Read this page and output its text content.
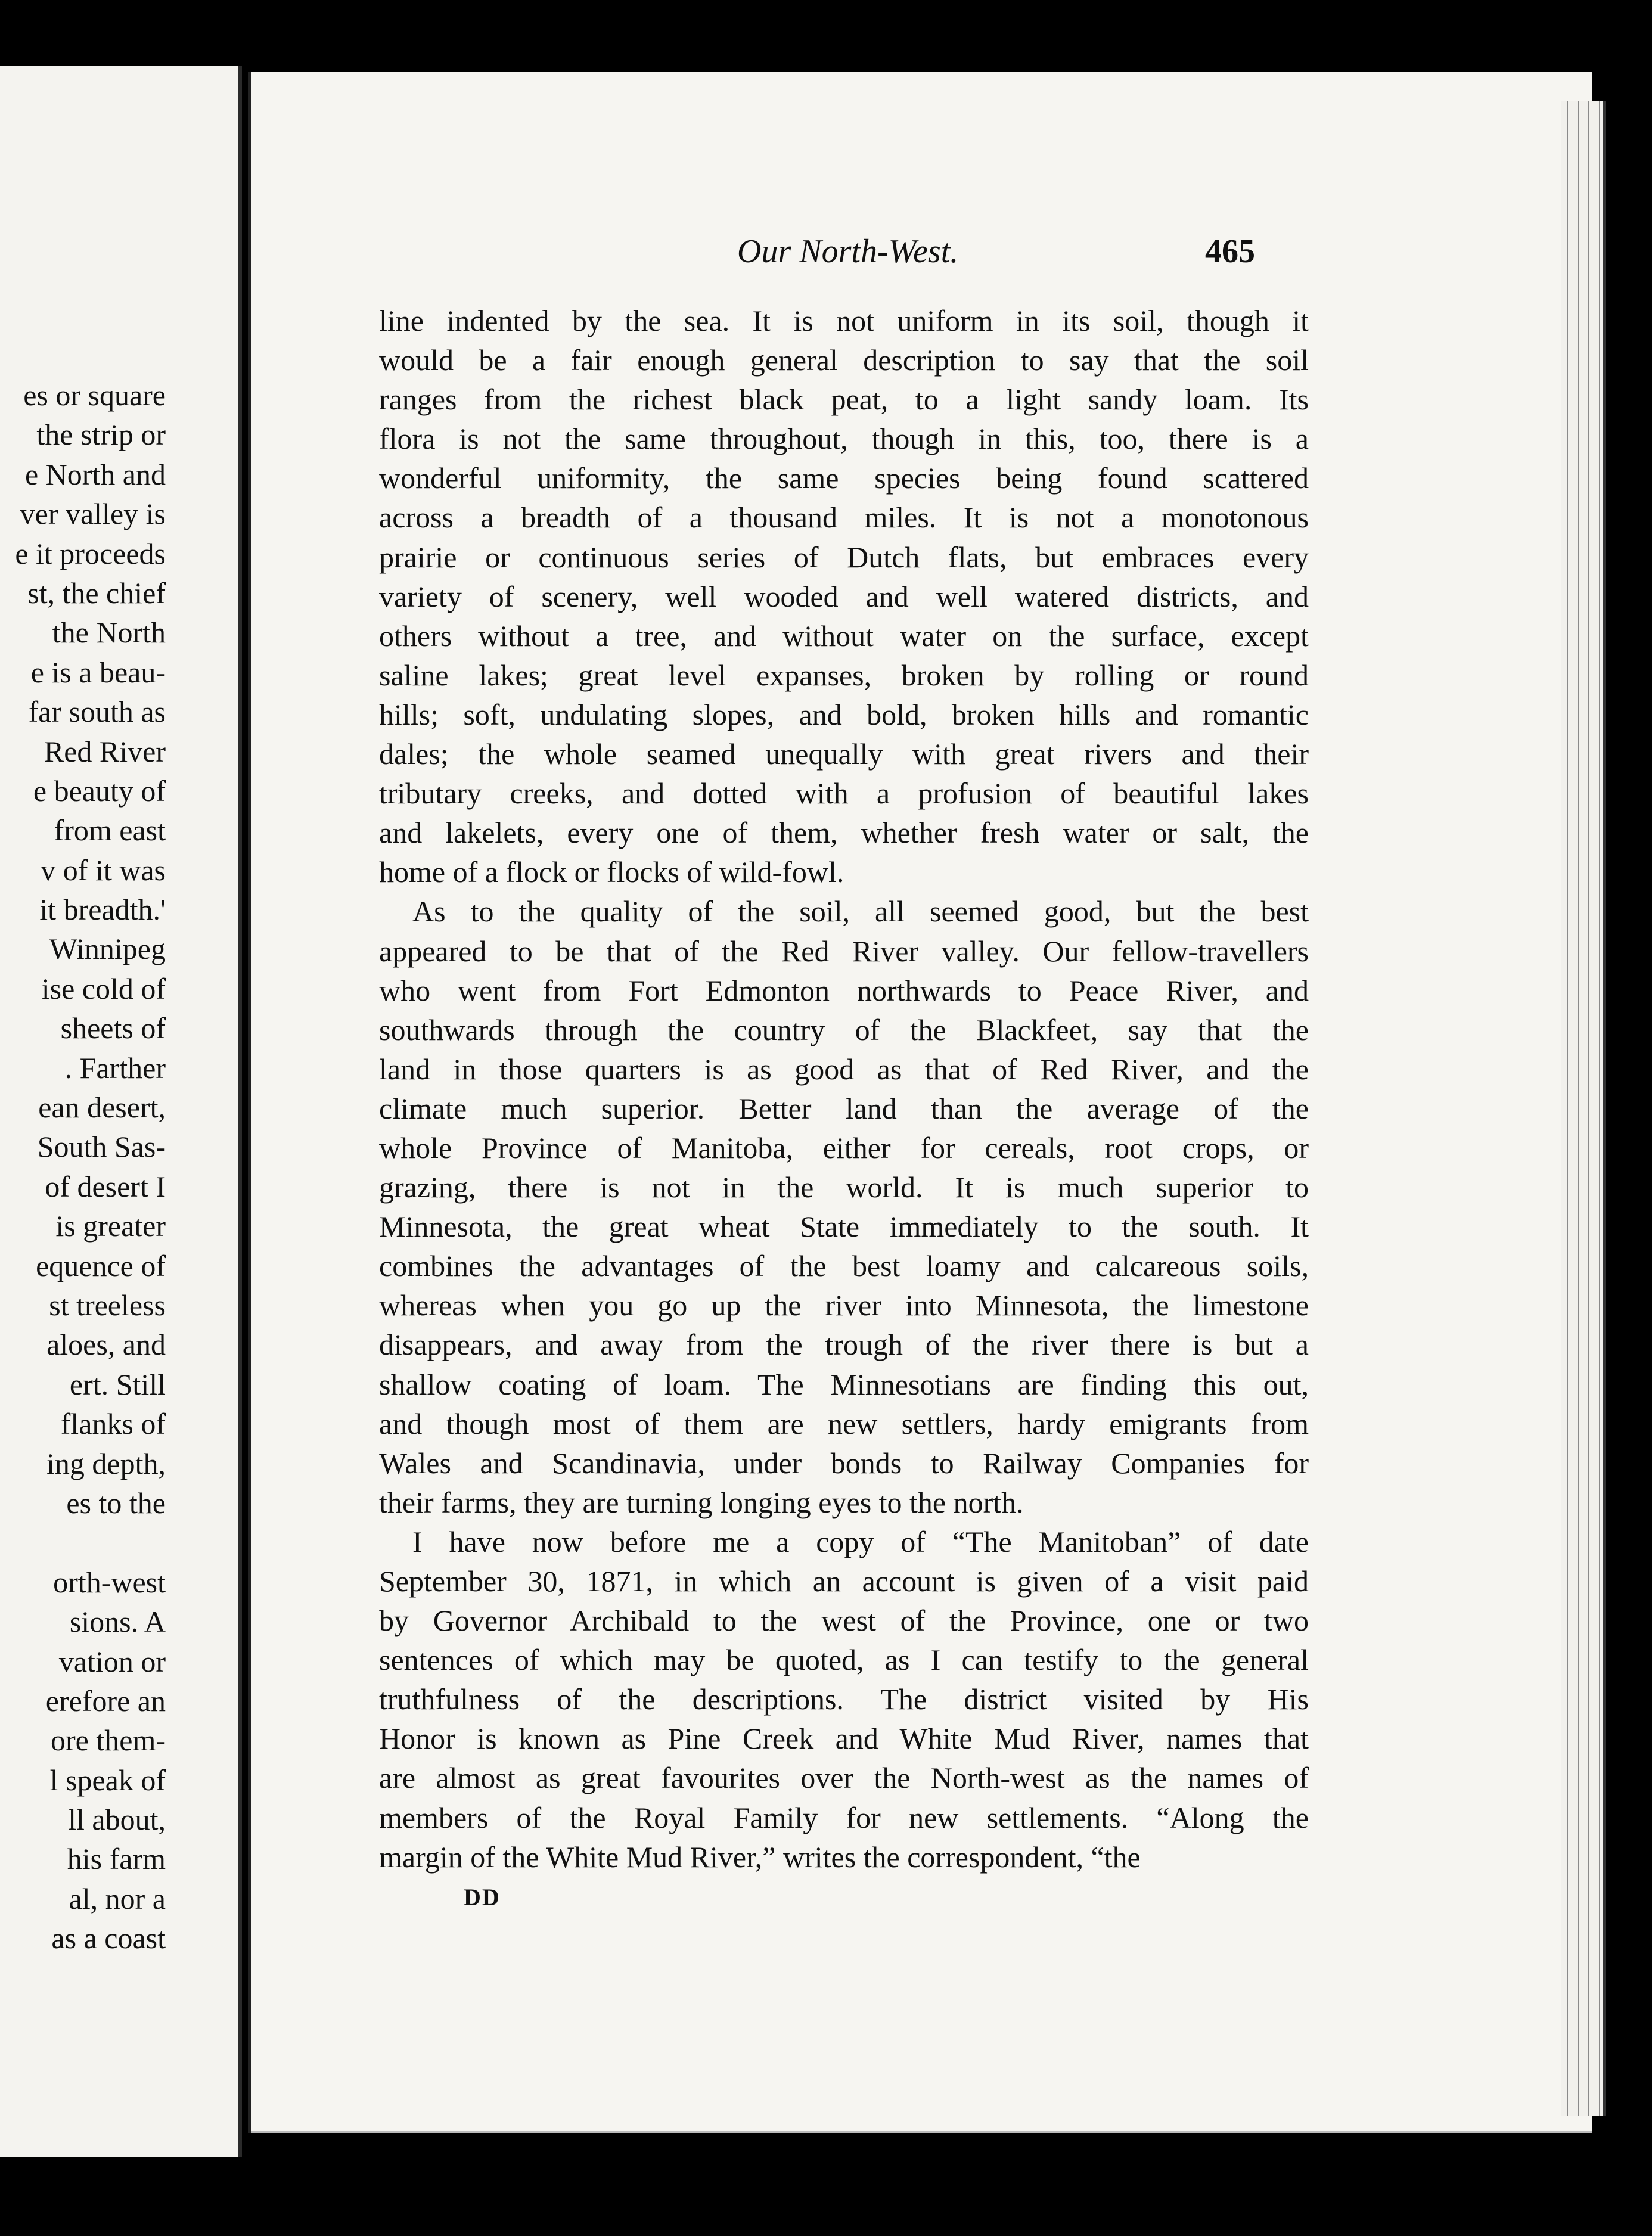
es or square
the strip or
e North and
ver valley is
e it proceeds
st, the chief
the North
e is a beau-
far south as
Red River
e beauty of
from east
v of it was
it breadth.'
Winnipeg
ise cold of
sheets of
. Farther
ean desert,
South Sas-
of desert I
is greater
equence of
st treeless
aloes, and
ert. Still
flanks of
ing depth,
es to the
orth-west
sions. A
vation or
erefore an
ore them-
l speak of
ll about,
his farm
al, nor a
as a coast
Our North-West.	465
line indented by the sea. It is not uniform in its soil, though it
would be a fair enough general description to say that the soil
ranges from the richest black peat, to a light sandy loam. Its
flora is not the same throughout, though in this, too, there is a
wonderful uniformity, the same species being found scattered
across a breadth of a thousand miles. It is not a monotonous
prairie or continuous series of Dutch flats, but embraces every
variety of scenery, well wooded and well watered districts, and
others without a tree, and without water on the surface, except
saline lakes; great level expanses, broken by rolling or round
hills; soft, undulating slopes, and bold, broken hills and romantic
dales; the whole seamed unequally with great rivers and their
tributary creeks, and dotted with a profusion of beautiful lakes
and lakelets, every one of them, whether fresh water or salt, the
home of a flock or flocks of wild-fowl.
As to the quality of the soil, all seemed good, but the best
appeared to be that of the Red River valley. Our fellow-travellers
who went from Fort Edmonton northwards to Peace River, and
southwards through the country of the Blackfeet, say that the
land in those quarters is as good as that of Red River, and the
climate much superior. Better land than the average of the
whole Province of Manitoba, either for cereals, root crops, or
grazing, there is not in the world. It is much superior to
Minnesota, the great wheat State immediately to the south. It
combines the advantages of the best loamy and calcareous soils,
whereas when you go up the river into Minnesota, the limestone
disappears, and away from the trough of the river there is but a
shallow coating of loam. The Minnesotians are finding this out,
and though most of them are new settlers, hardy emigrants from
Wales and Scandinavia, under bonds to Railway Companies for
their farms, they are turning longing eyes to the north.
I have now before me a copy of “The Manitoban” of date
September 30, 1871, in which an account is given of a visit paid
by Governor Archibald to the west of the Province, one or two
sentences of which may be quoted, as I can testify to the general
truthfulness of the descriptions. The district visited by His
Honor is known as Pine Creek and White Mud River, names that
are almost as great favourites over the North-west as the names of
members of the Royal Family for new settlements. “Along the
margin of the White Mud River,” writes the correspondent, “the
DD
